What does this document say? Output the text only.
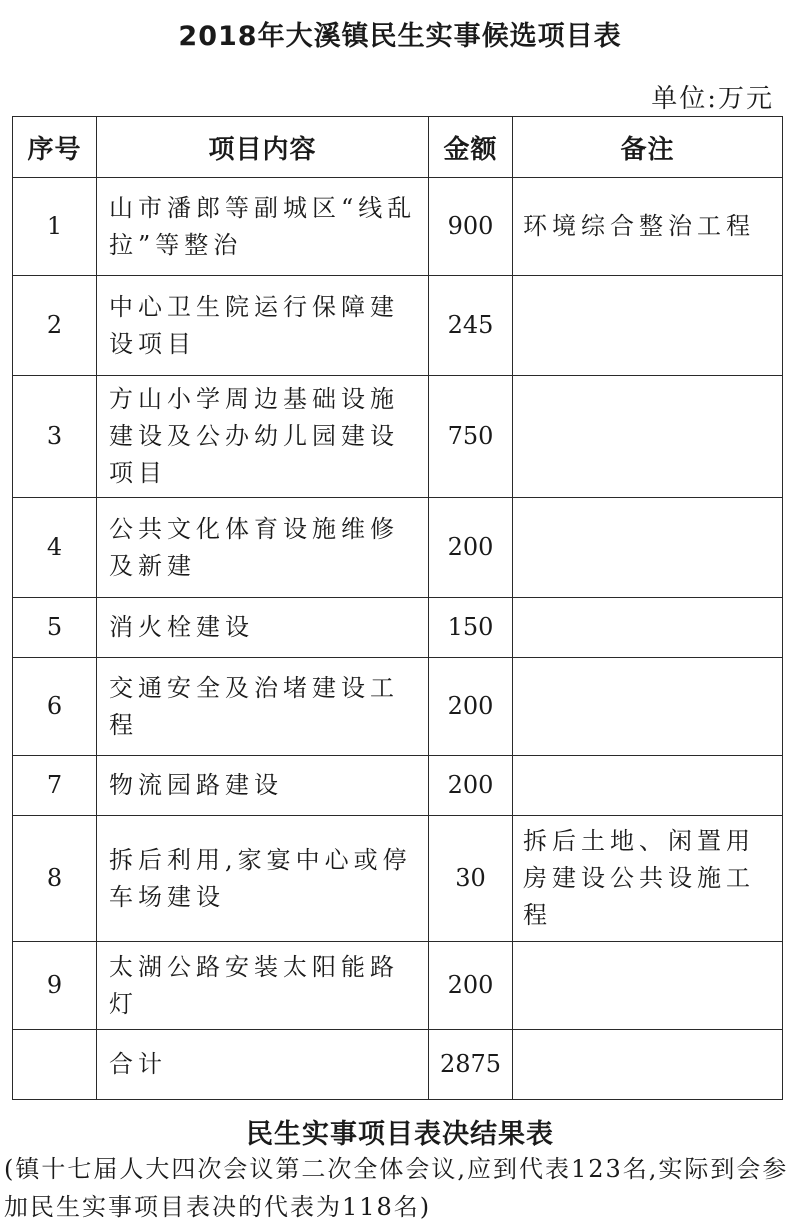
2018年大溪镇民生实事候选项目表
单位:万元
序号	项目内容	金额	备注
1	山市潘郎等副城区“线乱拉”等整治	900	环境综合整治工程
2	中心卫生院运行保障建设项目	245	
3	方山小学周边基础设施建设及公办幼儿园建设项目	750	
4	公共文化体育设施维修及新建	200	
5	消火栓建设	150	
6	交通安全及治堵建设工程	200	
7	物流园路建设	200	
8	拆后利用,家宴中心或停车场建设	30	拆后土地、闲置用房建设公共设施工程
9	太湖公路安装太阳能路灯	200	
	合计	2875	
民生实事项目表决结果表
(镇十七届人大四次会议第二次全体会议,应到代表123名,实际到会参加民生实事项目表决的代表为118名)
